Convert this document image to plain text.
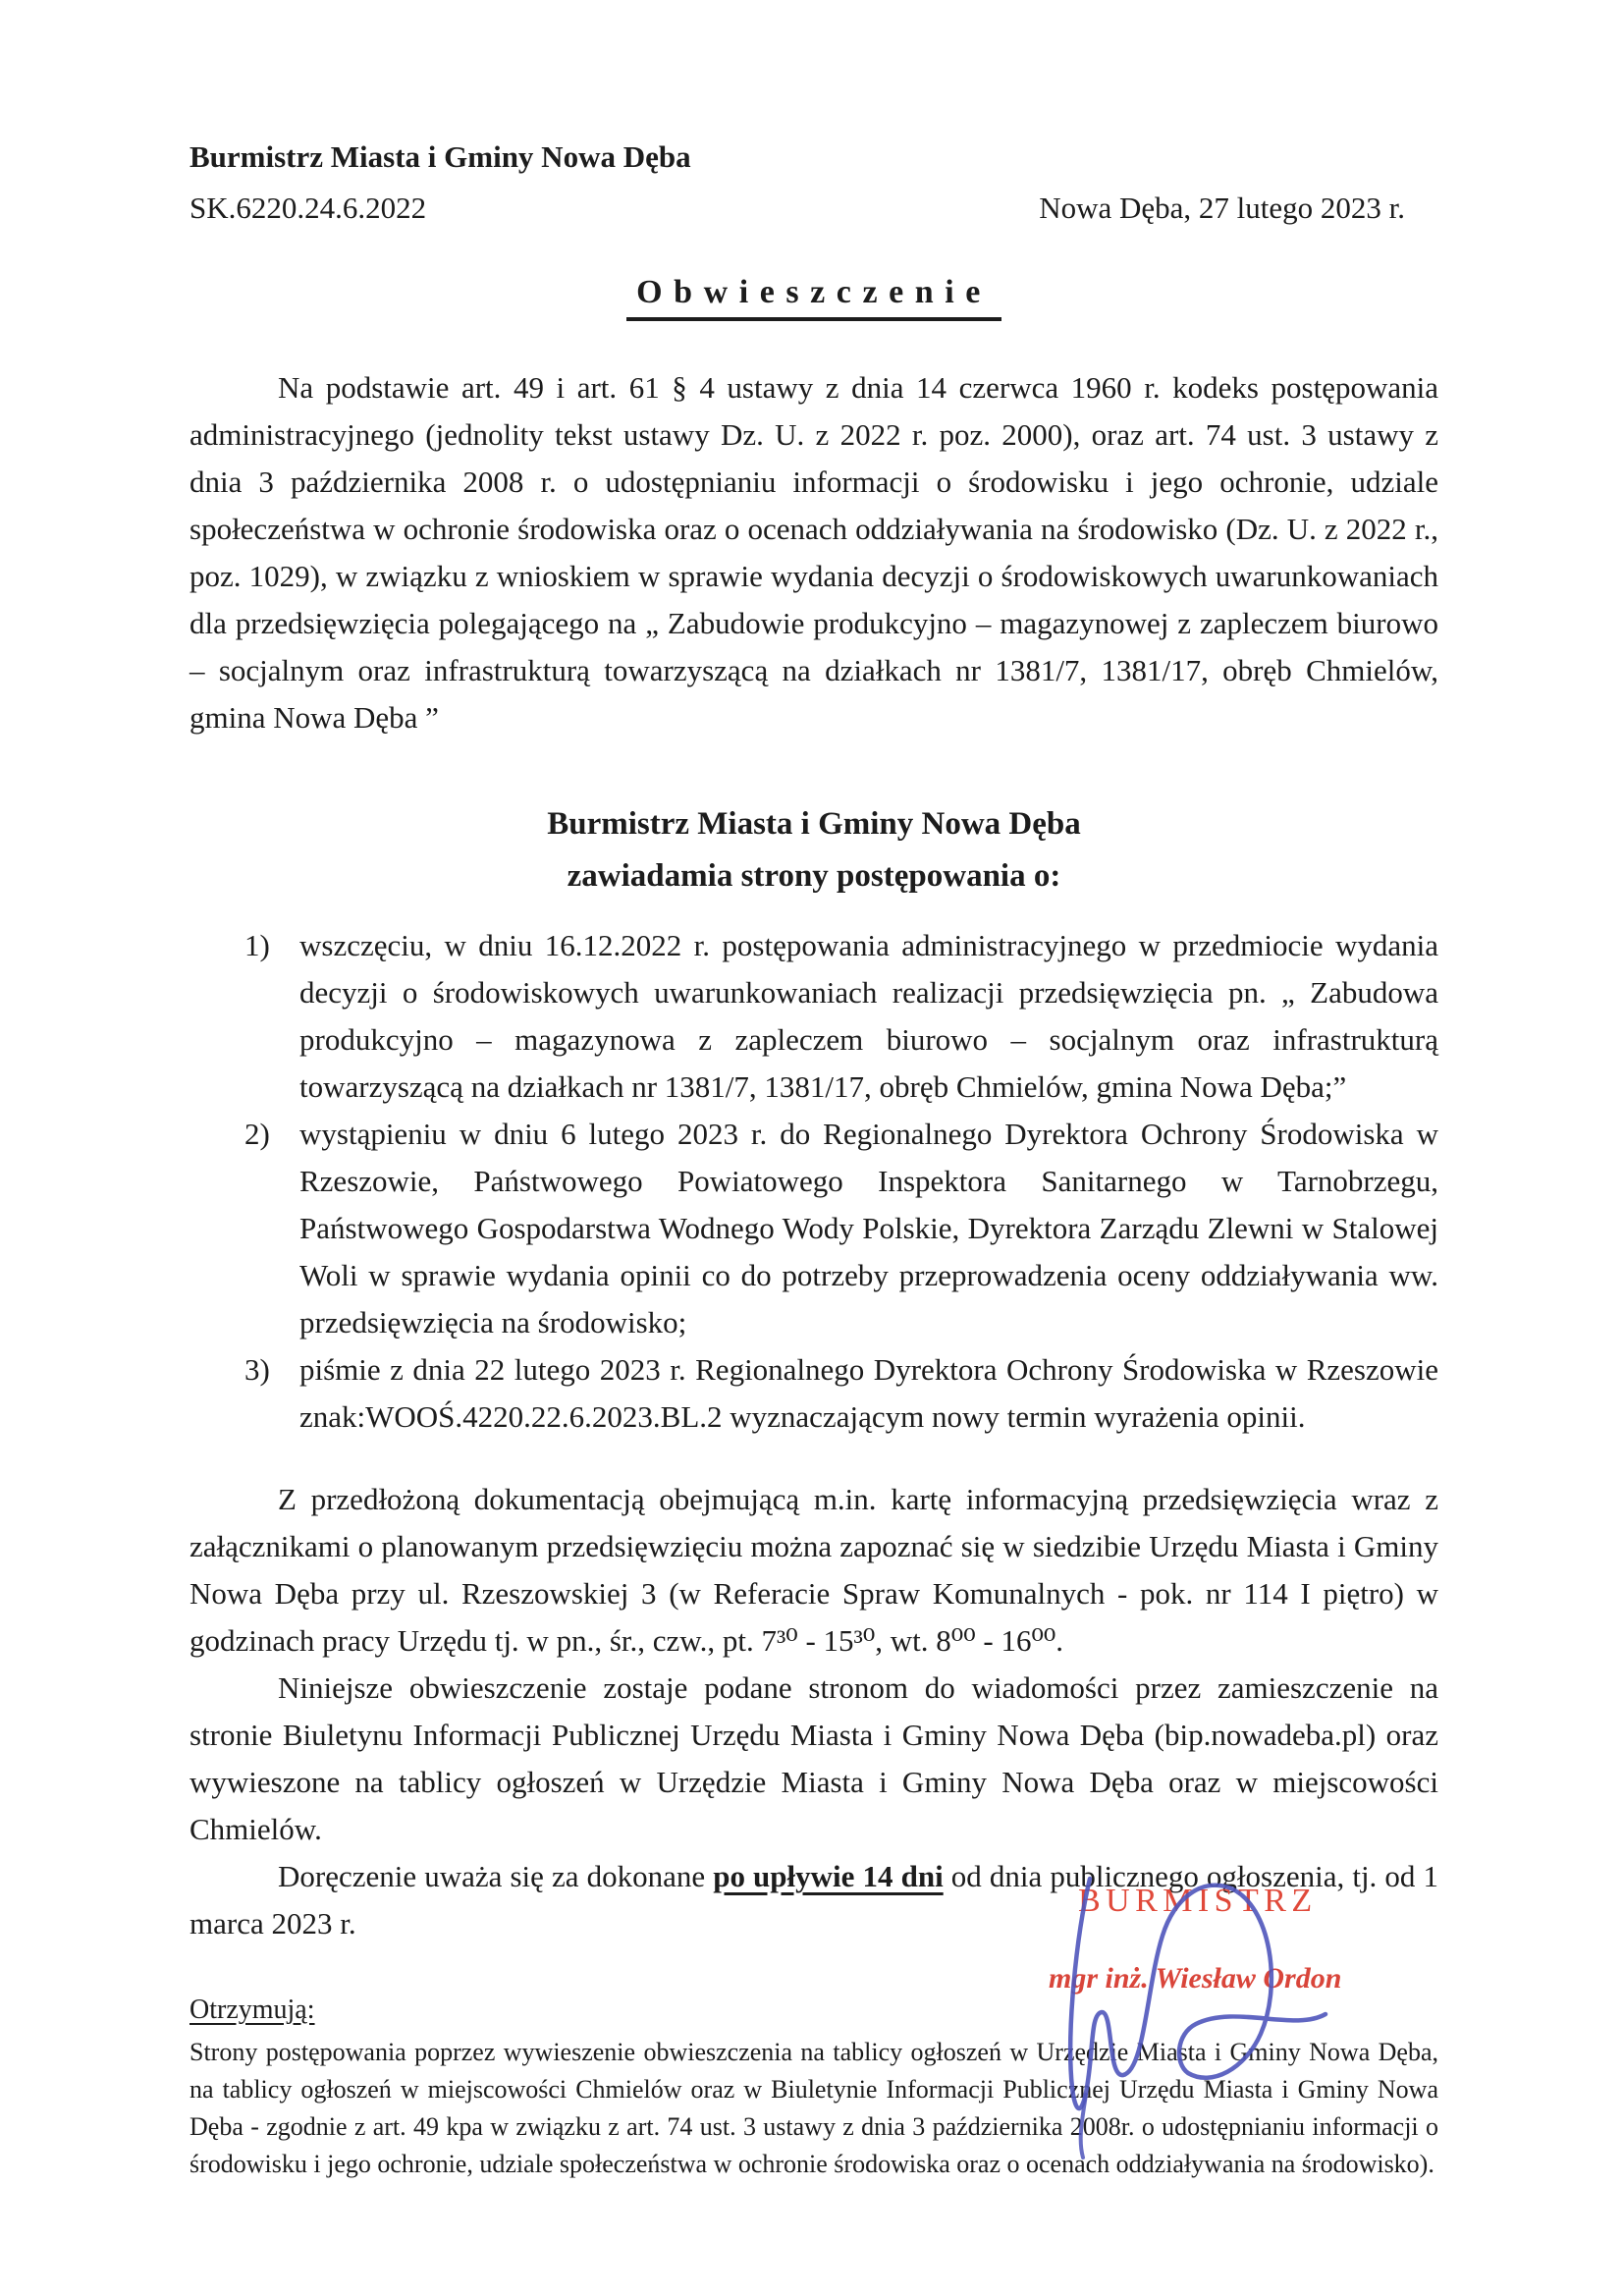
Burmistrz Miasta i Gminy Nowa Dęba
SK.6220.24.6.2022	Nowa Dęba, 27 lutego 2023 r.
Obwieszczenie

Na podstawie art. 49 i art. 61 § 4 ustawy z dnia 14 czerwca 1960 r. kodeks postępowania administracyjnego (jednolity tekst ustawy Dz. U. z 2022 r. poz. 2000), oraz art. 74 ust. 3 ustawy z dnia 3 października 2008 r. o udostępnianiu informacji o środowisku i jego ochronie, udziale społeczeństwa w ochronie środowiska oraz o ocenach oddziaływania na środowisko (Dz. U. z 2022 r., poz. 1029), w związku z wnioskiem w sprawie wydania decyzji o środowiskowych uwarunkowaniach dla przedsięwzięcia polegającego na „ Zabudowie produkcyjno – magazynowej z zapleczem biurowo – socjalnym oraz infrastrukturą towarzyszącą na działkach nr 1381/7, 1381/17, obręb Chmielów, gmina Nowa Dęba ”

Burmistrz Miasta i Gminy Nowa Dęba
zawiadamia strony postępowania o:
1) wszczęciu, w dniu 16.12.2022 r. postępowania administracyjnego w przedmiocie wydania decyzji o środowiskowych uwarunkowaniach realizacji przedsięwzięcia pn. „ Zabudowa produkcyjno – magazynowa z zapleczem biurowo – socjalnym oraz infrastrukturą towarzyszącą na działkach nr 1381/7, 1381/17, obręb Chmielów, gmina Nowa Dęba;”
2) wystąpieniu w dniu 6 lutego 2023 r. do Regionalnego Dyrektora Ochrony Środowiska w Rzeszowie, Państwowego Powiatowego Inspektora Sanitarnego w Tarnobrzegu, Państwowego Gospodarstwa Wodnego Wody Polskie, Dyrektora Zarządu Zlewni w Stalowej Woli w sprawie wydania opinii co do potrzeby przeprowadzenia oceny oddziaływania ww. przedsięwzięcia na środowisko;
3) piśmie z dnia 22 lutego 2023 r. Regionalnego Dyrektora Ochrony Środowiska w Rzeszowie znak:WOOŚ.4220.22.6.2023.BL.2 wyznaczającym nowy termin wyrażenia opinii.

Z przedłożoną dokumentacją obejmującą m.in. kartę informacyjną przedsięwzięcia wraz z załącznikami o planowanym przedsięwzięciu można zapoznać się w siedzibie Urzędu Miasta i Gminy Nowa Dęba przy ul. Rzeszowskiej 3 (w Referacie Spraw Komunalnych - pok. nr 114 I piętro) w godzinach pracy Urzędu tj. w pn., śr., czw., pt. 7³⁰ - 15³⁰, wt. 8⁰⁰ - 16⁰⁰.

Niniejsze obwieszczenie zostaje podane stronom do wiadomości przez zamieszczenie na stronie Biuletynu Informacji Publicznej Urzędu Miasta i Gminy Nowa Dęba (bip.nowadeba.pl) oraz wywieszone na tablicy ogłoszeń w Urzędzie Miasta i Gminy Nowa Dęba oraz w miejscowości Chmielów.

Doręczenie uważa się za dokonane po upływie 14 dni od dnia publicznego ogłoszenia, tj. od 1 marca 2023 r.
BURMISTRZ
mgr inż. Wiesław Ordon

Otrzymują:
Strony postępowania poprzez wywieszenie obwieszczenia na tablicy ogłoszeń w Urzędzie Miasta i Gminy Nowa Dęba, na tablicy ogłoszeń w miejscowości Chmielów oraz w Biuletynie Informacji Publicznej Urzędu Miasta i Gminy Nowa Dęba - zgodnie z art. 49 kpa w związku z art. 74 ust. 3 ustawy z dnia 3 października 2008r. o udostępnianiu informacji o środowisku i jego ochronie, udziale społeczeństwa w ochronie środowiska oraz o ocenach oddziaływania na środowisko).
